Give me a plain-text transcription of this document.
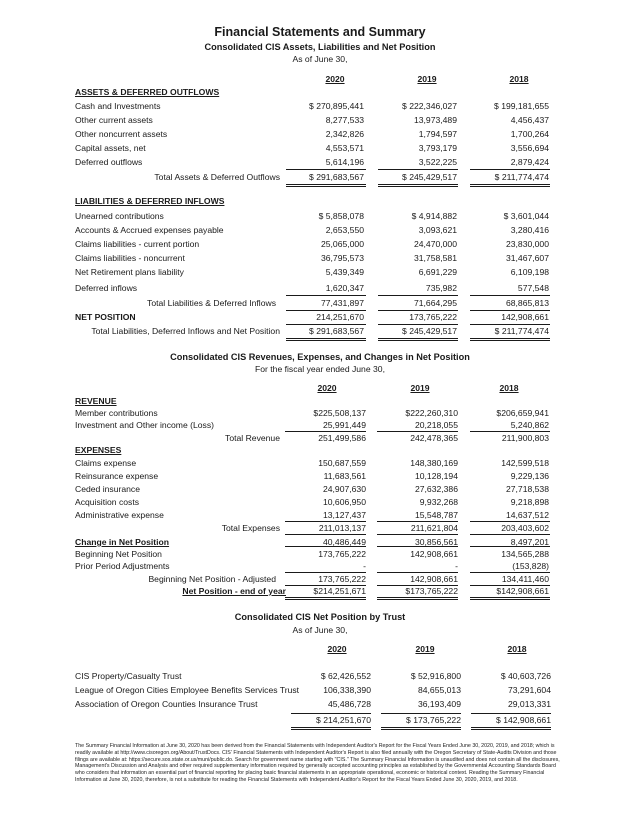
Financial Statements and Summary
Consolidated CIS Assets, Liabilities and Net Position
As of June 30,
2020	2019	2018
ASSETS & DEFERRED OUTFLOWS
Cash and Investments	$ 270,895,441	$ 222,346,027	$ 199,181,655
Other current assets	8,277,533	13,973,489	4,456,437
Other noncurrent assets	2,342,826	1,794,597	1,700,264
Capital assets, net	4,553,571	3,793,179	3,556,694
Deferred outflows	5,614,196	3,522,225	2,879,424
Total Assets & Deferred Outflows	$ 291,683,567	$ 245,429,517	$ 211,774,474
LIABILITIES & DEFERRED INFLOWS
Unearned contributions	$ 5,858,078	$ 4,914,882	$ 3,601,044
Accounts & Accrued expenses payable	2,653,550	3,093,621	3,280,416
Claims liabilities - current portion	25,065,000	24,470,000	23,830,000
Claims liabilities - noncurrent	36,795,573	31,758,581	31,467,607
Net Retirement plans liability	5,439,349	6,691,229	6,109,198
Deferred inflows	1,620,347	735,982	577,548
Total Liabilities & Deferred Inflows	77,431,897	71,664,295	68,865,813
NET POSITION	214,251,670	173,765,222	142,908,661
Total Liabilities, Deferred Inflows and Net Position	$ 291,683,567	$ 245,429,517	$ 211,774,474
Consolidated CIS Revenues, Expenses, and Changes in Net Position
For the fiscal year ended June 30,
2020	2019	2018
REVENUE
Member contributions	$225,508,137	$222,260,310	$206,659,941
Investment and Other income (Loss)	25,991,449	20,218,055	5,240,862
Total Revenue	251,499,586	242,478,365	211,900,803
EXPENSES
Claims expense	150,687,559	148,380,169	142,599,518
Reinsurance expense	11,683,561	10,128,194	9,229,136
Ceded insurance	24,907,630	27,632,386	27,718,538
Acquisition costs	10,606,950	9,932,268	9,218,898
Administrative expense	13,127,437	15,548,787	14,637,512
Total Expenses	211,013,137	211,621,804	203,403,602
Change in Net Position	40,486,449	30,856,561	8,497,201
Beginning Net Position	173,765,222	142,908,661	134,565,288
Prior Period Adjustments	-	-	(153,828)
Beginning Net Position - Adjusted	173,765,222	142,908,661	134,411,460
Net Position - end of year	$214,251,671	$173,765,222	$142,908,661
Consolidated CIS Net Position by Trust
As of June 30,
2020	2019	2018
CIS Property/Casualty Trust	$ 62,426,552	$ 52,916,800	$ 40,603,726
League of Oregon Cities Employee Benefits Services Trust	106,338,390	84,655,013	73,291,604
Association of Oregon Counties Insurance Trust	45,486,728	36,193,409	29,013,331
$ 214,251,670	$ 173,765,222	$ 142,908,661
The Summary Financial Information at June 30, 2020 has been derived from the Financial Statements with Independent Auditor's Report for the Fiscal Years Ended June 30, 2020, 2019, and 2018; which is readily available at http://www.cisoregon.org/About/TrustDocs. CIS' Financial Statements with Independent Auditor's Report is also filed annually with the Oregon Secretary of State-Audits Division and those filings are available at: https://secure.sos.state.or.us/muni/public.do. Search for government name starting with "CIS." The Summary Financial Information is unaudited and does not contain all the disclosures, Management's Discussion and Analysis and other required supplementary information required by generally accepted accounting principles as established by the Governmental Accounting Standards Board who considers that information an essential part of financial reporting for placing basic financial statements in an appropriate operational, economic or historical context. Reading the Summary Financial Information at June 30, 2020, therefore, is not a substitute for reading the Financial Statements with Independent Auditor's Report for the Fiscal Years Ended June 30, 2020, 2019, and 2018.
